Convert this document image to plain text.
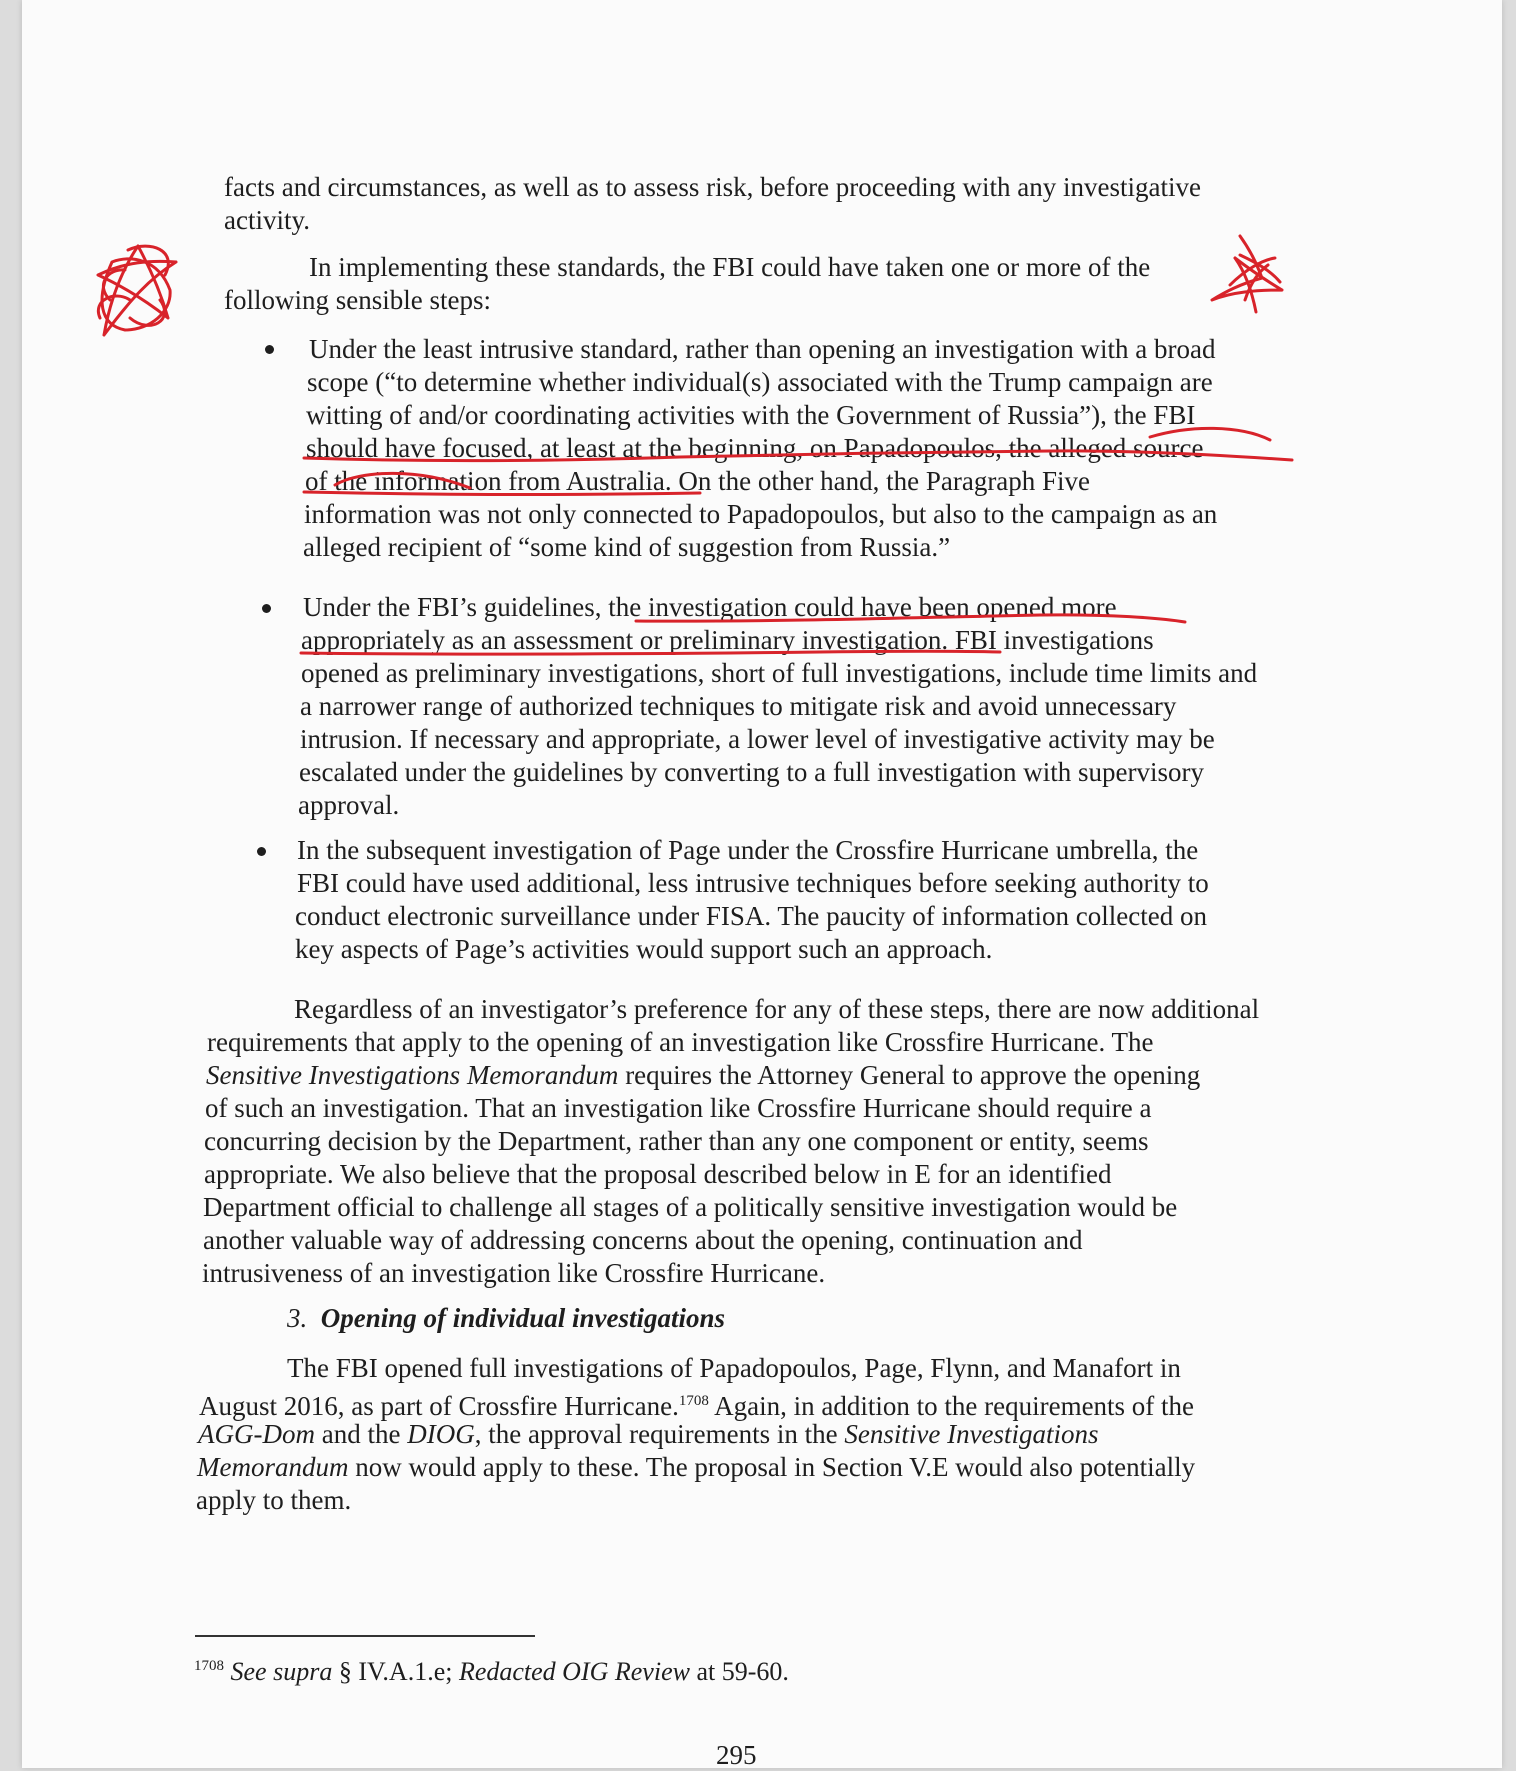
facts and circumstances, as well as to assess risk, before proceeding with any investigative
activity.
In implementing these standards, the FBI could have taken one or more of the
following sensible steps:
Under the least intrusive standard, rather than opening an investigation with a broad
scope (“to determine whether individual(s) associated with the Trump campaign are
witting of and/or coordinating activities with the Government of Russia”), the FBI
should have focused, at least at the beginning, on Papadopoulos, the alleged source
of the information from Australia. On the other hand, the Paragraph Five
information was not only connected to Papadopoulos, but also to the campaign as an
alleged recipient of “some kind of suggestion from Russia.”
Under the FBI’s guidelines, the investigation could have been opened more
appropriately as an assessment or preliminary investigation. FBI investigations
opened as preliminary investigations, short of full investigations, include time limits and
a narrower range of authorized techniques to mitigate risk and avoid unnecessary
intrusion. If necessary and appropriate, a lower level of investigative activity may be
escalated under the guidelines by converting to a full investigation with supervisory
approval.
In the subsequent investigation of Page under the Crossfire Hurricane umbrella, the
FBI could have used additional, less intrusive techniques before seeking authority to
conduct electronic surveillance under FISA. The paucity of information collected on
key aspects of Page’s activities would support such an approach.
Regardless of an investigator’s preference for any of these steps, there are now additional
requirements that apply to the opening of an investigation like Crossfire Hurricane. The
Sensitive Investigations Memorandum requires the Attorney General to approve the opening
of such an investigation. That an investigation like Crossfire Hurricane should require a
concurring decision by the Department, rather than any one component or entity, seems
appropriate. We also believe that the proposal described below in E for an identified
Department official to challenge all stages of a politically sensitive investigation would be
another valuable way of addressing concerns about the opening, continuation and
intrusiveness of an investigation like Crossfire Hurricane.
3. Opening of individual investigations
The FBI opened full investigations of Papadopoulos, Page, Flynn, and Manafort in
August 2016, as part of Crossfire Hurricane.$^{1708}$ Again, in addition to the requirements of the
AGG-Dom and the DIOG, the approval requirements in the Sensitive Investigations
Memorandum now would apply to these. The proposal in Section V.E would also potentially
apply to them.
$^{1708}$ See supra § IV.A.1.e; Redacted OIG Review at 59-60.
295
